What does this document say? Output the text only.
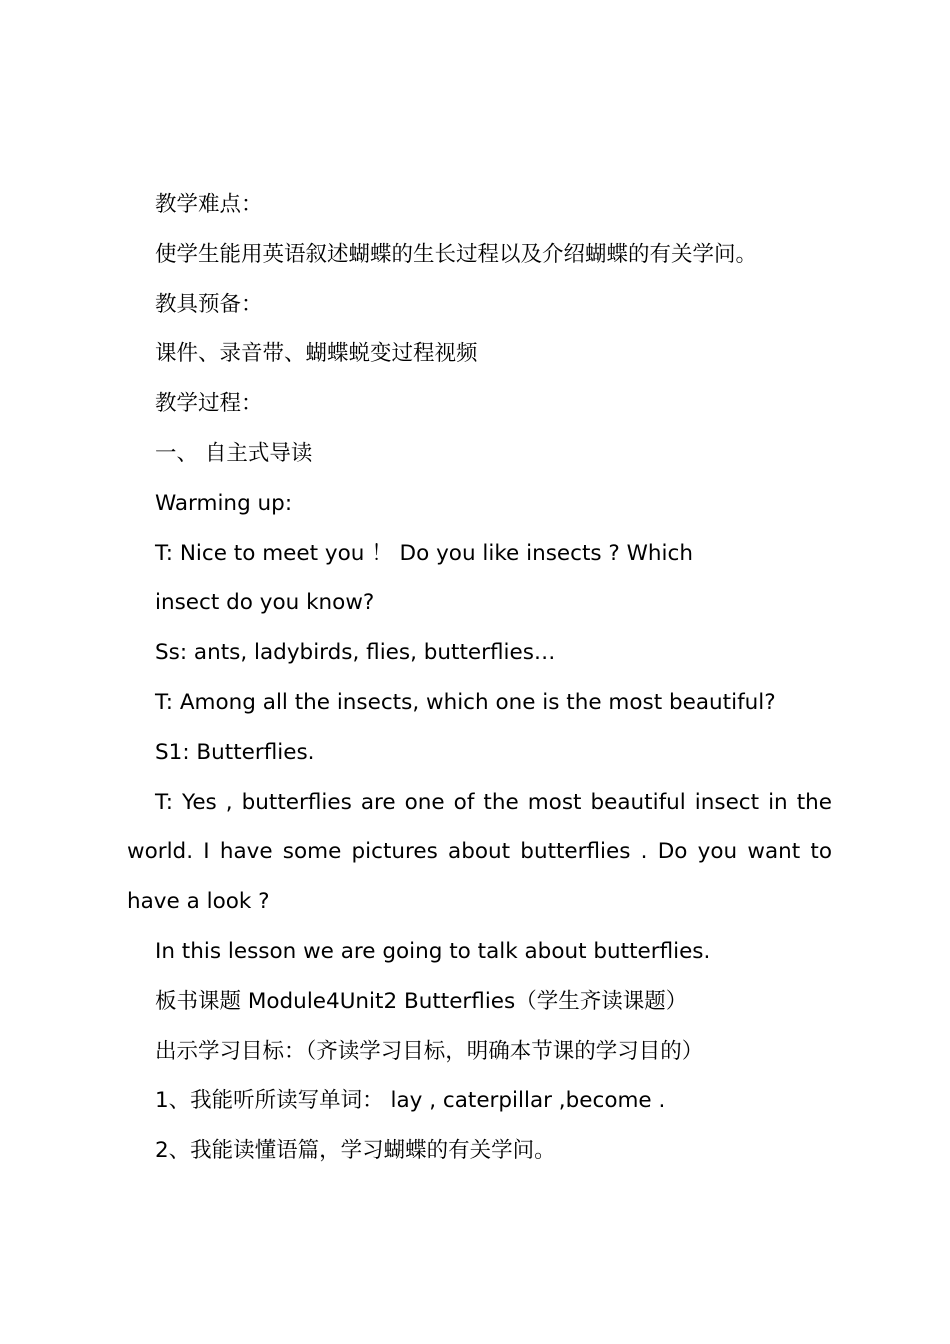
教学难点：

使学生能用英语叙述蝴蝶的生长过程以及介绍蝴蝶的有关学问。

教具预备：

课件、录音带、蝴蝶蜕变过程视频

教学过程：

一、 自主式导读

Warming up:

T: Nice to meet you ！ Do you like insects ? Which

insect do you know?

Ss: ants, ladybirds, flies, butterflies…

T: Among all the insects, which one is the most beautiful?

S1: Butterflies.

T: Yes , butterflies are one of the most beautiful insect in the world. I have some pictures about butterflies . Do you want to have a look ?

In this lesson we are going to talk about butterflies.

板书课题 Module4Unit2 Butterflies（学生齐读课题）

出示学习目标：（齐读学习目标，明确本节课的学习目的）

1、我能听所读写单词： lay , caterpillar ,become .

2、我能读懂语篇，学习蝴蝶的有关学问。
